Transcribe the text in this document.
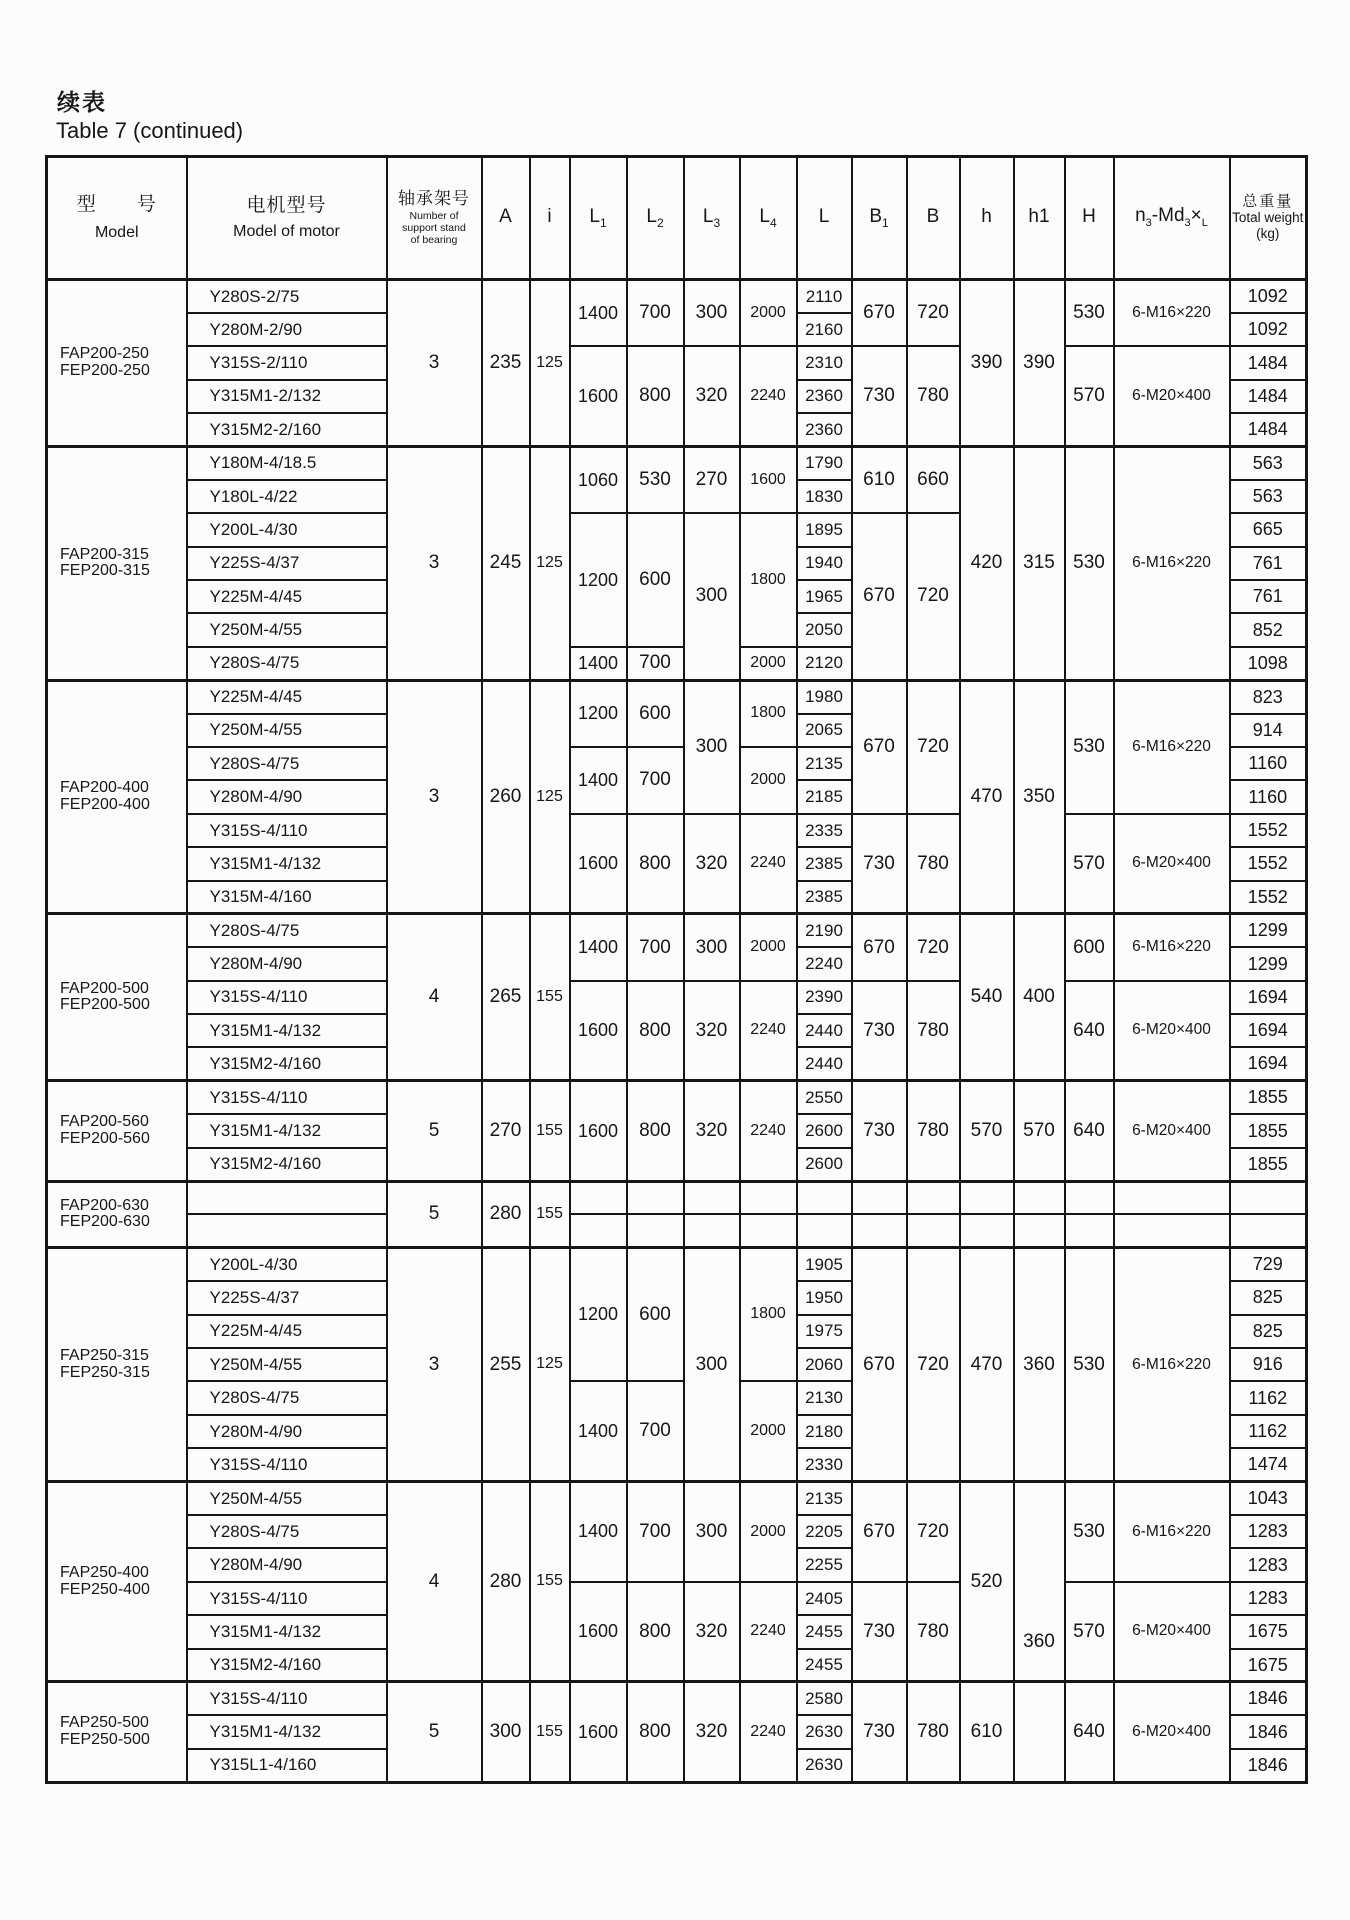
续表
Table 7 (continued)
型　　号
Model	电机型号
Model of motor	轴承架号
Number of
support stand
of bearing	A	i	$L_1$	$L_2$	$L_3$	$L_4$	L	$B_1$	B	h	h1	H	$n_3-Md_3\times_L$	总重量
Total weight
(kg)

FAP200-250
FEP200-250	Y280S-2/75	3	235	125	1400	700	300	2000	2110	670	720	390	390	530	6-M16×220	1092
	Y280M-2/90								2160							1092
	Y315S-2/110				1600	800	320	2240	2310	730	780			570	6-M20×400	1484
	Y315M1-2/132								2360							1484
	Y315M2-2/160								2360							1484

FAP200-315
FEP200-315	Y180M-4/18.5	3	245	125	1060	530	270	1600	1790	610	660	420	315	530	6-M16×220	563
	Y180L-4/22								1830							563
	Y200L-4/30				1200	600	300	1800	1895	670	720					665
	Y225S-4/37								1940							761
	Y225M-4/45								1965							761
	Y250M-4/55								2050							852
	Y280S-4/75				1400	700		2000	2120							1098

FAP200-400
FEP200-400	Y225M-4/45	3	260	125	1200	600	300	1800	1980	670	720	470	350	530	6-M16×220	823
	Y250M-4/55								2065							914
	Y280S-4/75				1400	700		2000	2135							1160
	Y280M-4/90								2185							1160
	Y315S-4/110				1600	800	320	2240	2335	730	780			570	6-M20×400	1552
	Y315M1-4/132								2385							1552
	Y315M-4/160								2385							1552

FAP200-500
FEP200-500	Y280S-4/75	4	265	155	1400	700	300	2000	2190	670	720	540	400	600	6-M16×220	1299
	Y280M-4/90								2240							1299
	Y315S-4/110				1600	800	320	2240	2390	730	780			640	6-M20×400	1694
	Y315M1-4/132								2440							1694
	Y315M2-4/160								2440							1694

FAP200-560
FEP200-560	Y315S-4/110	5	270	155	1600	800	320	2240	2550	730	780	570	570	640	6-M20×400	1855
	Y315M1-4/132								2600							1855
	Y315M2-4/160								2600							1855

FAP200-630
FEP200-630		5	280	155												

FAP250-315
FEP250-315	Y200L-4/30	3	255	125	1200	600	300	1800	1905	670	720	470	360	530	6-M16×220	729
	Y225S-4/37								1950							825
	Y225M-4/45								1975							825
	Y250M-4/55								2060							916
	Y280S-4/75				1400	700		2000	2130							1162
	Y280M-4/90								2180							1162
	Y315S-4/110								2330							1474

FAP250-400
FEP250-400	Y250M-4/55	4	280	155	1400	700	300	2000	2135	670	720	520	360	530	6-M16×220	1043
	Y280S-4/75								2205							1283
	Y280M-4/90								2255							1283
	Y315S-4/110				1600	800	320	2240	2405	730	780			570	6-M20×400	1283
	Y315M1-4/132								2455							1675
	Y315M2-4/160								2455							1675

FAP250-500
FEP250-500	Y315S-4/110	5	300	155	1600	800	320	2240	2580	730	780	610		640	6-M20×400	1846
	Y315M1-4/132								2630							1846
	Y315L1-4/160								2630							1846
